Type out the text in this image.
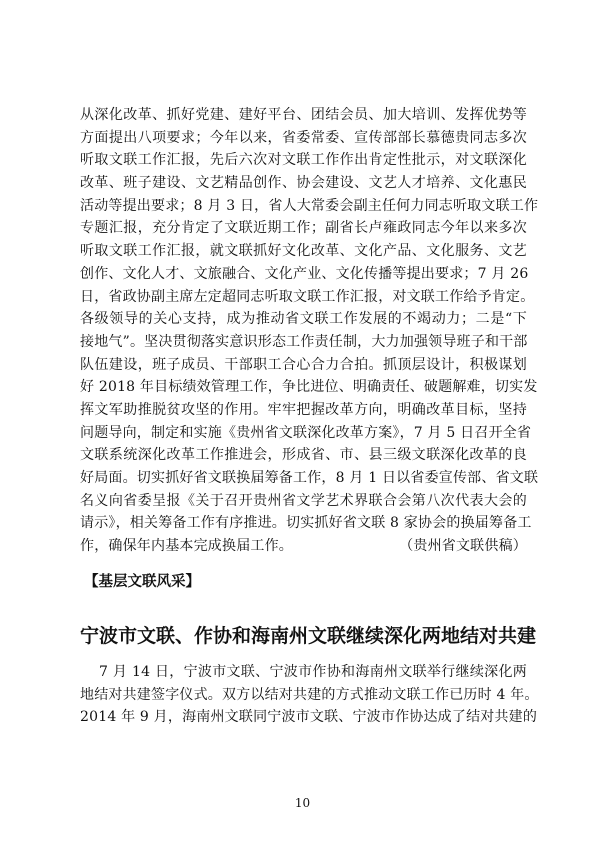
从深化改革、抓好党建、建好平台、团结会员、加大培训、发挥优势等
方面提出八项要求；今年以来，省委常委、宣传部部长慕德贵同志多次
听取文联工作汇报，先后六次对文联工作作出肯定性批示，对文联深化
改革、班子建设、文艺精品创作、协会建设、文艺人才培养、文化惠民
活动等提出要求；8 月 3 日，省人大常委会副主任何力同志听取文联工作
专题汇报，充分肯定了文联近期工作；副省长卢雍政同志今年以来多次
听取文联工作汇报，就文联抓好文化改革、文化产品、文化服务、文艺
创作、文化人才、文旅融合、文化产业、文化传播等提出要求；7 月 26
日，省政协副主席左定超同志听取文联工作汇报，对文联工作给予肯定。
各级领导的关心支持，成为推动省文联工作发展的不竭动力；二是“下
接地气”。坚决贯彻落实意识形态工作责任制，大力加强领导班子和干部
队伍建设，班子成员、干部职工合心合力合拍。抓顶层设计，积极谋划
好 2018 年目标绩效管理工作，争比进位、明确责任、破题解难，切实发
挥文军助推脱贫攻坚的作用。牢牢把握改革方向，明确改革目标，坚持
问题导向，制定和实施《贵州省文联深化改革方案》，7 月 5 日召开全省
文联系统深化改革工作推进会，形成省、市、县三级文联深化改革的良
好局面。切实抓好省文联换届筹备工作，8 月 1 日以省委宣传部、省文联
名义向省委呈报《关于召开贵州省文学艺术界联合会第八次代表大会的
请示》，相关筹备工作有序推进。切实抓好省文联 8 家协会的换届筹备工
作，确保年内基本完成换届工作。	（贵州省文联供稿）
【基层文联风采】
宁波市文联、作协和海南州文联继续深化两地结对共建
7 月 14 日，宁波市文联、宁波市作协和海南州文联举行继续深化两
地结对共建签字仪式。双方以结对共建的方式推动文联工作已历时 4 年。
2014 年 9 月，海南州文联同宁波市文联、宁波市作协达成了结对共建的
10
